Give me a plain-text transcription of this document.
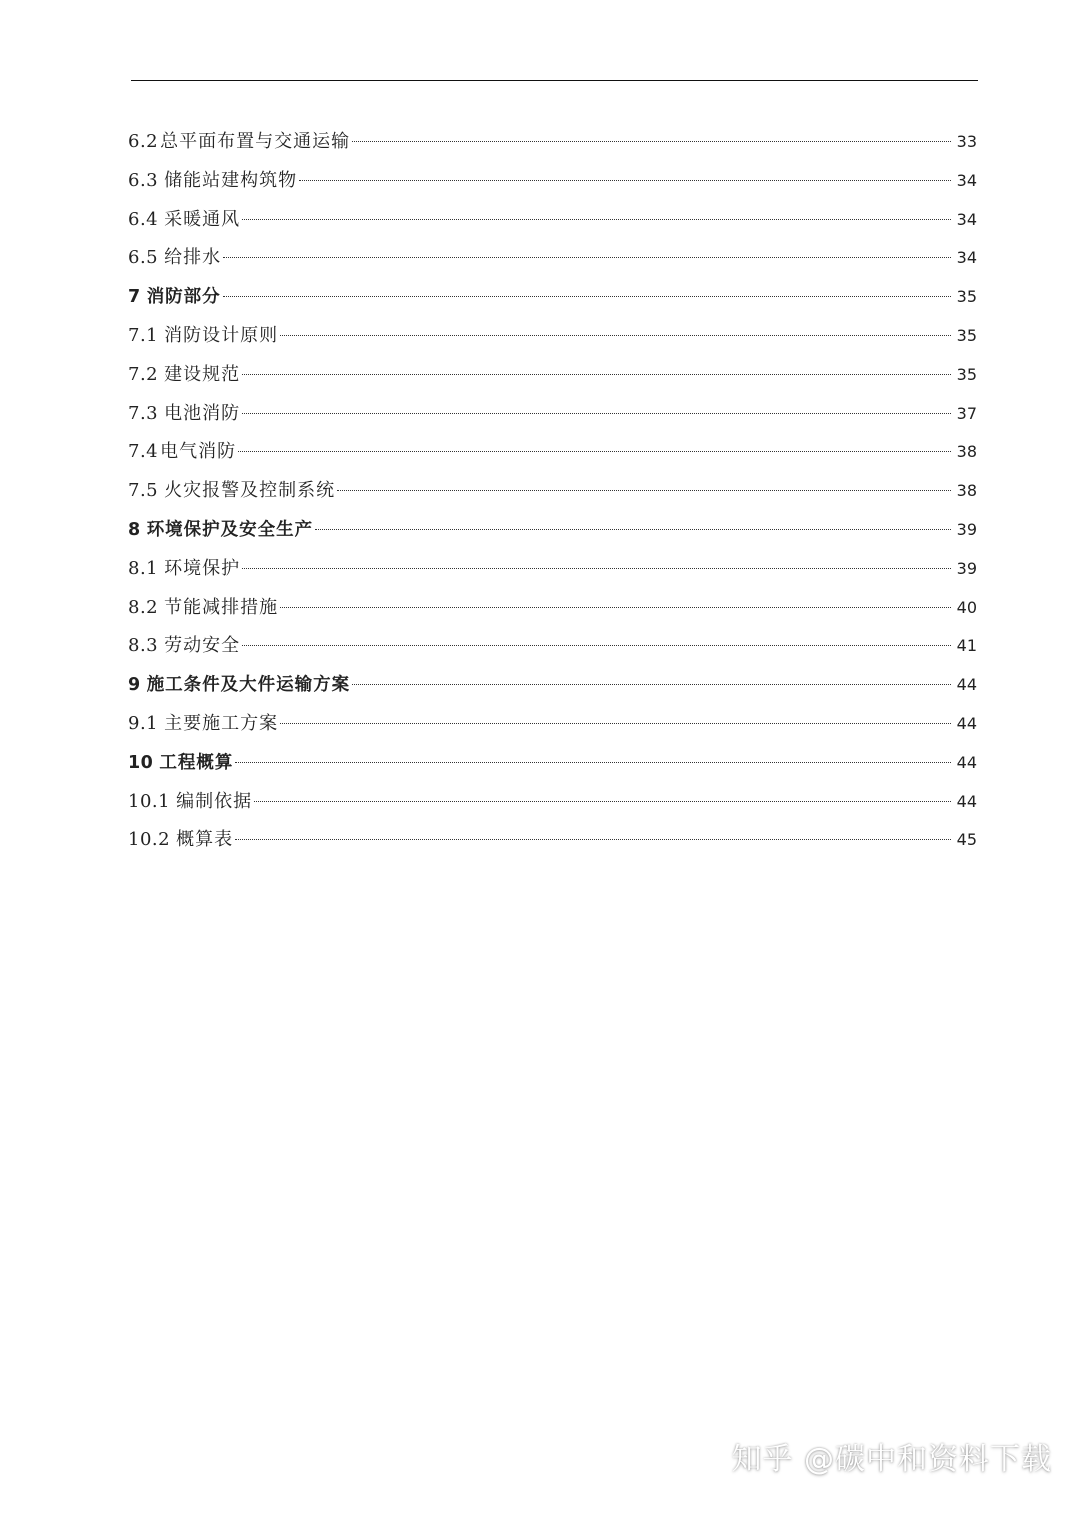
6.2 总平面布置与交通运输	33
6.3 储能站建构筑物	34
6.4 采暖通风	34
6.5 给排水	34
7 消防部分	35
7.1 消防设计原则	35
7.2 建设规范	35
7.3 电池消防	37
7.4 电气消防	38
7.5 火灾报警及控制系统	38
8 环境保护及安全生产	39
8.1 环境保护	39
8.2 节能减排措施	40
8.3 劳动安全	41
9 施工条件及大件运输方案	44
9.1 主要施工方案	44
10 工程概算	44
10.1 编制依据	44
10.2 概算表	45
知乎 @碳中和资料下载
